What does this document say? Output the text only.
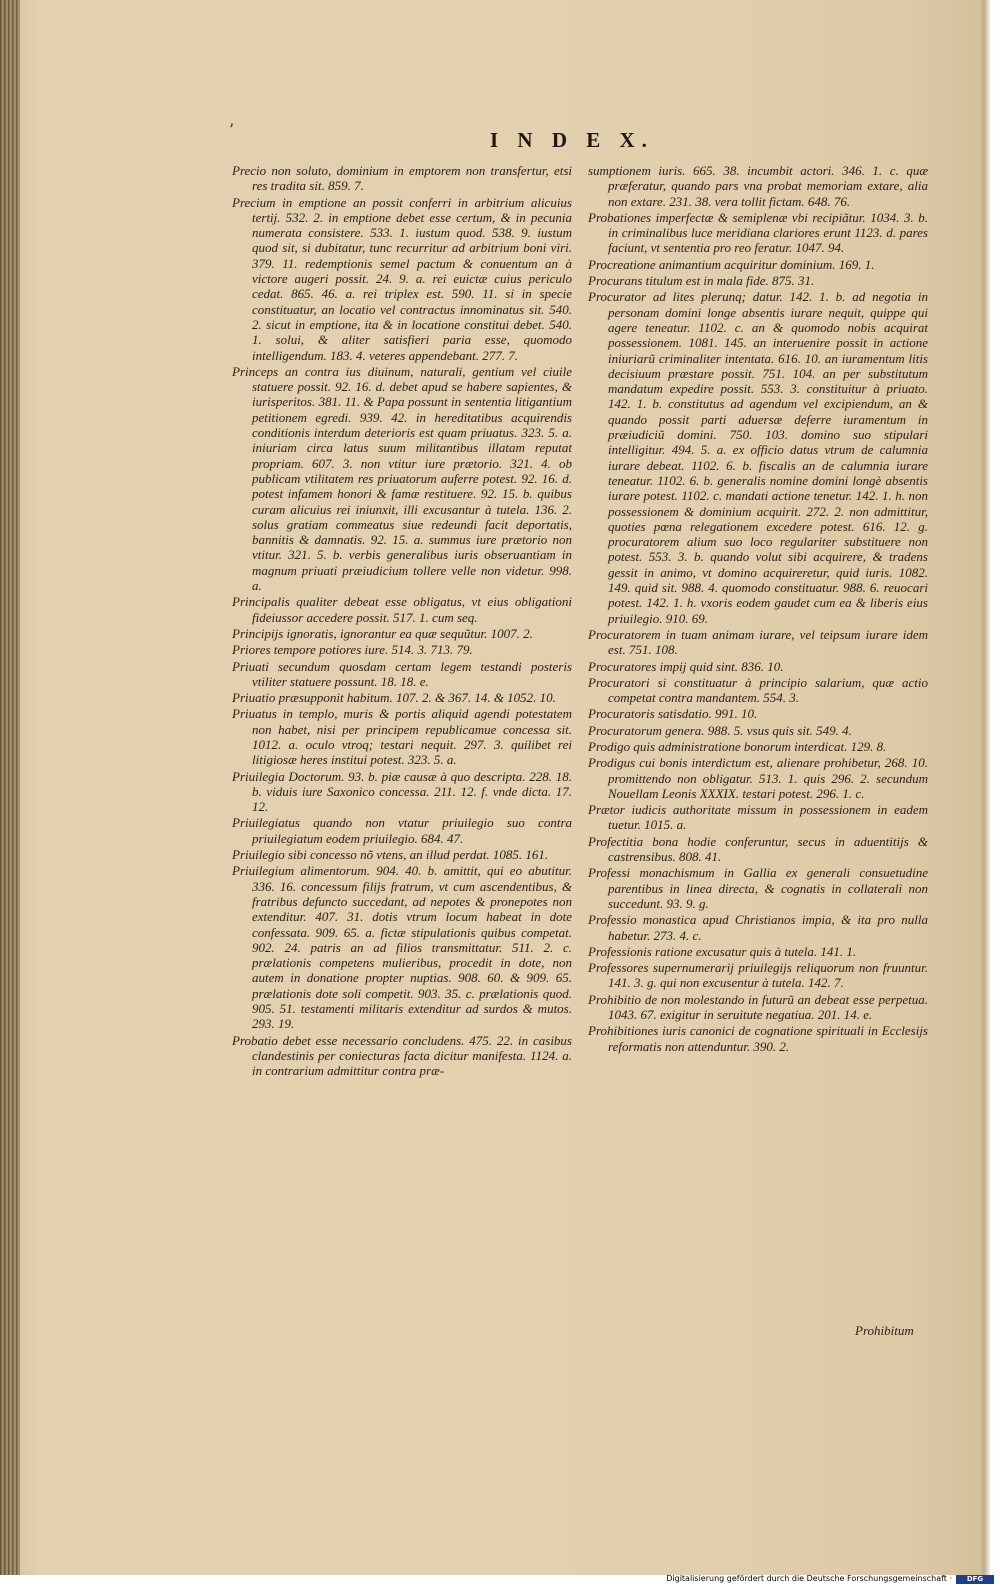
’	I N D E X.

Precio non soluto, dominium in emptorem non transfertur, etsi res tradita sit. 859. 7.

Precium in emptione an possit conferri in arbitrium alicuius tertij. 532. 2. in emptione debet esse certum, & in pecunia numerata consistere. 533. 1. iustum quod. 538. 9. iustum quod sit, si dubitatur, tunc recurritur ad arbitrium boni viri. 379. 11. redemptionis semel pactum & conuentum an à victore augeri possit. 24. 9. a. rei euictæ cuius periculo cedat. 865. 46. a. rei triplex est. 590. 11. si in specie constituatur, an locatio vel contractus innominatus sit. 540. 2. sicut in emptione, ita & in locatione constitui debet. 540. 1. solui, & aliter satisfieri paria esse, quomodo intelligendum. 183. 4. veteres appendebant. 277. 7.

Princeps an contra ius diuinum, naturali, gentium vel ciuile statuere possit. 92. 16. d. debet apud se habere sapientes, & iurisperitos. 381. 11. & Papa possunt in sententia litigantium petitionem egredi. 939. 42. in hereditatibus acquirendis conditionis interdum deterioris est quam priuatus. 323. 5. a. iniuriam circa latus suum militantibus illatam reputat propriam. 607. 3. non vtitur iure prætorio. 321. 4. ob publicam vtilitatem res priuatorum auferre potest. 92. 16. d. potest infamem honori & famæ restituere. 92. 15. b. quibus curam alicuius rei iniunxit, illi excusantur à tutela. 136. 2. solus gratiam commeatus siue redeundi facit deportatis, bannitis & damnatis. 92. 15. a. summus iure prætorio non vtitur. 321. 5. b. verbis generalibus iuris obseruantiam in magnum priuati præiudicium tollere velle non videtur. 998. a.

Principalis qualiter debeat esse obligatus, vt eius obligationi fideiussor accedere possit. 517. 1. cum seq.

Principijs ignoratis, ignorantur ea quæ sequũtur. 1007. 2.

Priores tempore potiores iure. 514. 3. 713. 79.

Priuati secundum quosdam certam legem testandi posteris vtiliter statuere possunt. 18. 18. e.

Priuatio præsupponit habitum. 107. 2. & 367. 14. & 1052. 10.

Priuatus in templo, muris & portis aliquid agendi potestatem non habet, nisi per principem republicamue concessa sit. 1012. a. oculo vtroq; testari nequit. 297. 3. quilibet rei litigiosæ heres institui potest. 323. 5. a.

Priuilegia Doctorum. 93. b. piæ causæ à quo descripta. 228. 18. b. viduis iure Saxonico concessa. 211. 12. f. vnde dicta. 17. 12.

Priuilegiatus quando non vtatur priuilegio suo contra priuilegiatum eodem priuilegio. 684. 47.

Priuilegio sibi concesso nõ vtens, an illud perdat. 1085. 161.

Priuilegium alimentorum. 904. 40. b. amittit, qui eo abutitur. 336. 16. concessum filijs fratrum, vt cum ascendentibus, & fratribus defuncto succedant, ad nepotes & pronepotes non extenditur. 407. 31. dotis vtrum locum habeat in dote confessata. 909. 65. a. fictæ stipulationis quibus competat. 902. 24. patris an ad filios transmittatur. 511. 2. c. prælationis competens mulieribus, procedit in dote, non autem in donatione propter nuptias. 908. 60. & 909. 65. prælationis dote soli competit. 903. 35. c. prælationis quod. 905. 51. testamenti militaris extenditur ad surdos & mutos. 293. 19.

Probatio debet esse necessario concludens. 475. 22. in casibus clandestinis per coniecturas facta dicitur manifesta. 1124. a. in contrarium admittitur contra præ-

sumptionem iuris. 665. 38. incumbit actori. 346. 1. c. quæ præferatur, quando pars vna probat memoriam extare, alia non extare. 231. 38. vera tollit fictam. 648. 76.

Probationes imperfectæ & semiplenæ vbi recipiãtur. 1034. 3. b. in criminalibus luce meridiana clariores erunt 1123. d. pares faciunt, vt sententia pro reo feratur. 1047. 94.

Procreatione animantium acquiritur dominium. 169. 1.

Procurans titulum est in mala fide. 875. 31.

Procurator ad lites plerunq; datur. 142. 1. b. ad negotia in personam domini longe absentis iurare nequit, quippe qui agere teneatur. 1102. c. an & quomodo nobis acquirat possessionem. 1081. 145. an interuenire possit in actione iniuriarũ criminaliter intentata. 616. 10. an iuramentum litis decisiuum præstare possit. 751. 104. an per substitutum mandatum expedire possit. 553. 3. constituitur à priuato. 142. 1. b. constitutus ad agendum vel excipiendum, an & quando possit parti aduersæ deferre iuramentum in præiudiciũ domini. 750. 103. domino suo stipulari intelligitur. 494. 5. a. ex officio datus vtrum de calumnia iurare debeat. 1102. 6. b. fiscalis an de calumnia iurare teneatur. 1102. 6. b. generalis nomine domini longè absentis iurare potest. 1102. c. mandati actione tenetur. 142. 1. h. non possessionem & dominium acquirit. 272. 2. non admittitur, quoties pœna relegationem excedere potest. 616. 12. g. procuratorem alium suo loco regulariter substituere non potest. 553. 3. b. quando volut sibi acquirere, & tradens gessit in animo, vt domino acquireretur, quid iuris. 1082. 149. quid sit. 988. 4. quomodo constituatur. 988. 6. reuocari potest. 142. 1. h. vxoris eodem gaudet cum ea & liberis eius priuilegio. 910. 69.

Procuratorem in tuam animam iurare, vel teipsum iurare idem est. 751. 108.

Procuratores impij quid sint. 836. 10.

Procuratori si constituatur à principio salarium, quæ actio competat contra mandantem. 554. 3.

Procuratoris satisdatio. 991. 10.

Procuratorum genera. 988. 5. vsus quis sit. 549. 4.

Prodigo quis administratione bonorum interdicat. 129. 8.

Prodigus cui bonis interdictum est, alienare prohibetur, 268. 10. promittendo non obligatur. 513. 1. quis 296. 2. secundum Nouellam Leonis XXXIX. testari potest. 296. 1. c.

Prætor iudicis authoritate missum in possessionem in eadem tuetur. 1015. a.

Profectitia bona hodie conferuntur, secus in aduentitijs & castrensibus. 808. 41.

Professi monachismum in Gallia ex generali consuetudine parentibus in linea directa, & cognatis in collaterali non succedunt. 93. 9. g.

Professio monastica apud Christianos impia, & ita pro nulla habetur. 273. 4. c.

Professionis ratione excusatur quis à tutela. 141. 1.

Professores supernumerarij priuilegijs reliquorum non fruuntur. 141. 3. g. qui non excusentur à tutela. 142. 7.

Prohibitio de non molestando in futurũ an debeat esse perpetua. 1043. 67. exigitur in seruitute negatiua. 201. 14. e.

Prohibitiones iuris canonici de cognatione spirituali in Ecclesijs reformatis non attenduntur. 390. 2.

Prohibitum
Digitalisierung gefördert durch die Deutsche Forschungsgemeinschaft ·	DFG
